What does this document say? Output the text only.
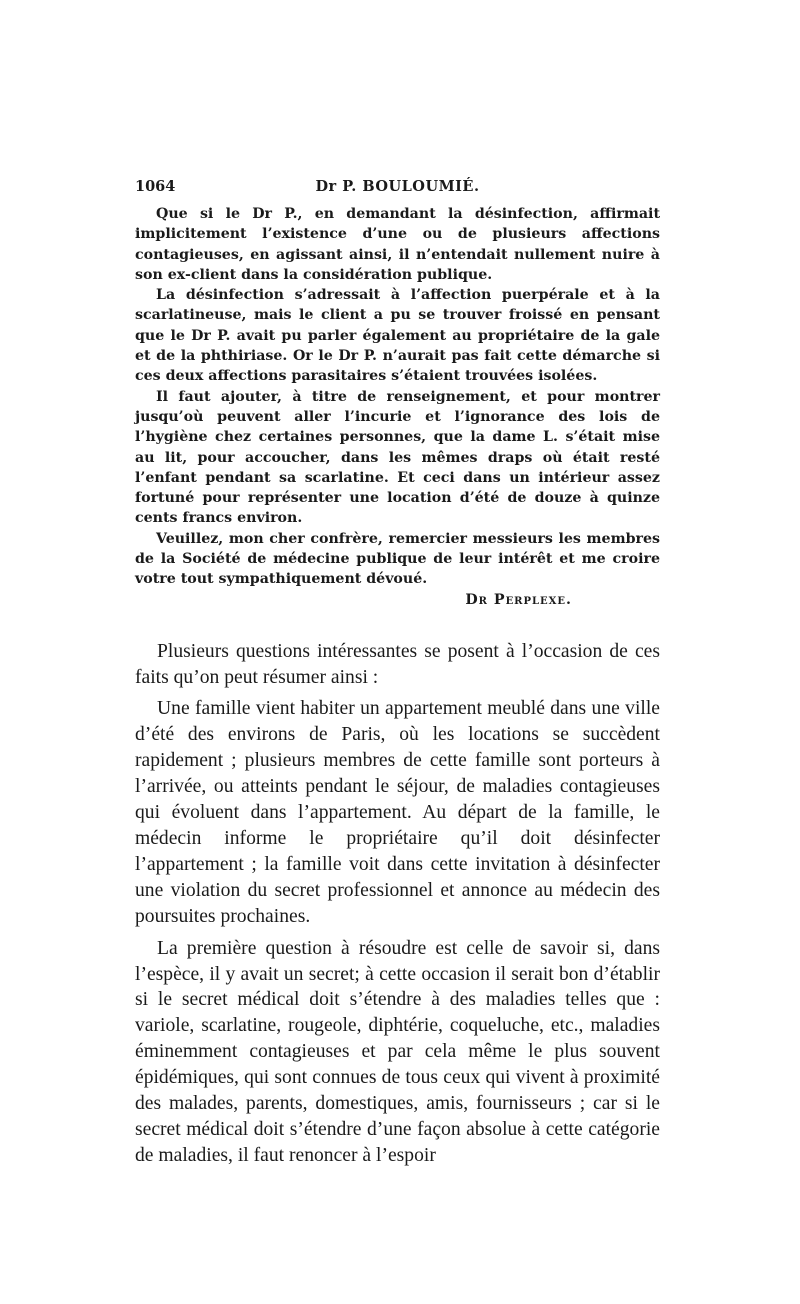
1064	Dr P. BOULOUMIÉ.

Que si le Dr P., en demandant la désinfection, affirmait implicitement l’existence d’une ou de plusieurs affections contagieuses, en agissant ainsi, il n’entendait nullement nuire à son ex-client dans la considération publique.

La désinfection s’adressait à l’affection puerpérale et à la scarlatineuse, mais le client a pu se trouver froissé en pensant que le Dr P. avait pu parler également au propriétaire de la gale et de la phthiriase. Or le Dr P. n’aurait pas fait cette démarche si ces deux affections parasitaires s’étaient trouvées isolées.

Il faut ajouter, à titre de renseignement, et pour montrer jusqu’où peuvent aller l’incurie et l’ignorance des lois de l’hygiène chez certaines personnes, que la dame L. s’était mise au lit, pour accoucher, dans les mêmes draps où était resté l’enfant pendant sa scarlatine. Et ceci dans un intérieur assez fortuné pour représenter une location d’été de douze à quinze cents francs environ.

Veuillez, mon cher confrère, remercier messieurs les membres de la Société de médecine publique de leur intérêt et me croire votre tout sympathiquement dévoué.

Dr Perplexe.

Plusieurs questions intéressantes se posent à l’occasion de ces faits qu’on peut résumer ainsi :

Une famille vient habiter un appartement meublé dans une ville d’été des environs de Paris, où les locations se succèdent rapidement ; plusieurs membres de cette famille sont porteurs à l’arrivée, ou atteints pendant le séjour, de maladies contagieuses qui évoluent dans l’appartement. Au départ de la famille, le médecin informe le propriétaire qu’il doit désinfecter l’appartement ; la famille voit dans cette invitation à désinfecter une violation du secret professionnel et annonce au médecin des poursuites prochaines.

La première question à résoudre est celle de savoir si, dans l’espèce, il y avait un secret; à cette occasion il serait bon d’établir si le secret médical doit s’étendre à des maladies telles que : variole, scarlatine, rougeole, diphtérie, coqueluche, etc., maladies éminemment contagieuses et par cela même le plus souvent épidémiques, qui sont connues de tous ceux qui vivent à proximité des malades, parents, domestiques, amis, fournisseurs ; car si le secret médical doit s’étendre d’une façon absolue à cette catégorie de maladies, il faut renoncer à l’espoir
